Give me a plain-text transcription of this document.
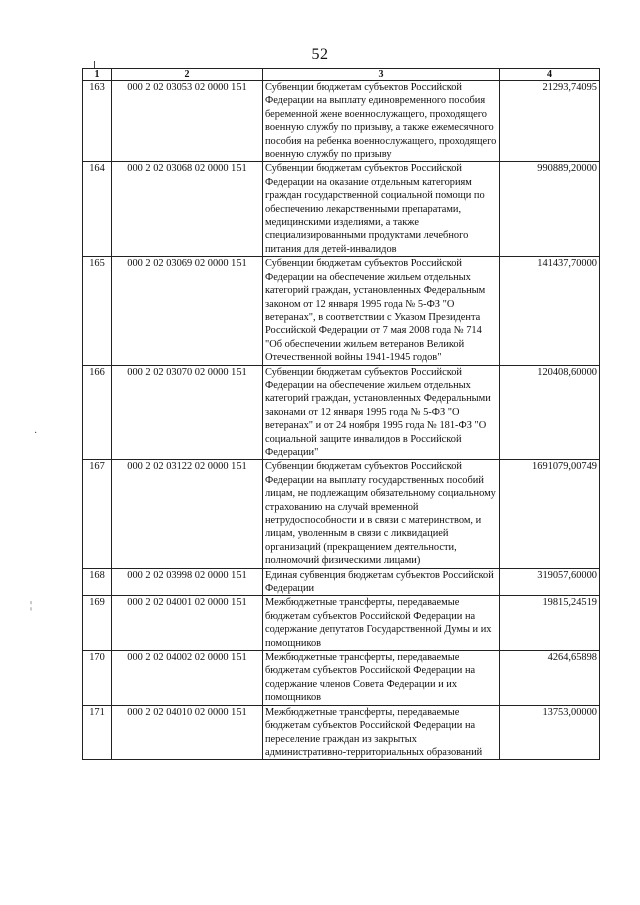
52
1	2	3	4
163	000 2 02 03053 02 0000 151	Субвенции бюджетам субъектов Российской Федерации на выплату единовременного пособия беременной жене военнослужащего, проходящего военную службу по призыву, а также ежемесячного пособия на ребенка военнослужащего, проходящего военную службу по призыву	21293,74095
164	000 2 02 03068 02 0000 151	Субвенции бюджетам субъектов Российской Федерации на оказание отдельным категориям граждан государственной социальной помощи по обеспечению лекарственными препаратами, медицинскими изделиями, а также специализированными продуктами лечебного питания для детей-инвалидов	990889,20000
165	000 2 02 03069 02 0000 151	Субвенции бюджетам субъектов Российской Федерации на обеспечение жильем отдельных категорий граждан, установленных Федеральным законом от 12 января 1995 года № 5-ФЗ "О ветеранах", в соответствии с Указом Президента Российской Федерации от 7 мая 2008 года № 714 "Об обеспечении жильем ветеранов Великой Отечественной войны 1941-1945 годов"	141437,70000
166	000 2 02 03070 02 0000 151	Субвенции бюджетам субъектов Российской Федерации на обеспечение жильем отдельных категорий граждан, установленных Федеральными законами от 12 января 1995 года № 5-ФЗ "О ветеранах" и от 24 ноября 1995 года № 181-ФЗ "О социальной защите инвалидов в Российской Федерации"	120408,60000
167	000 2 02 03122 02 0000 151	Субвенции бюджетам субъектов Российской Федерации на выплату государственных пособий лицам, не подлежащим обязательному социальному страхованию на случай временной нетрудоспособности и в связи с материнством, и лицам, уволенным в связи с ликвидацией организаций (прекращением деятельности, полномочий физическими лицами)	1691079,00749
168	000 2 02 03998 02 0000 151	Единая субвенция бюджетам субъектов Российской Федерации	319057,60000
169	000 2 02 04001 02 0000 151	Межбюджетные трансферты, передаваемые бюджетам субъектов Российской Федерации на содержание депутатов Государственной Думы и их помощников	19815,24519
170	000 2 02 04002 02 0000 151	Межбюджетные трансферты, передаваемые бюджетам субъектов Российской Федерации на содержание членов Совета Федерации и их помощников	4264,65898
171	000 2 02 04010 02 0000 151	Межбюджетные трансферты, передаваемые бюджетам субъектов Российской Федерации на переселение граждан из закрытых административно-территориальных образований	13753,00000
·
¦
